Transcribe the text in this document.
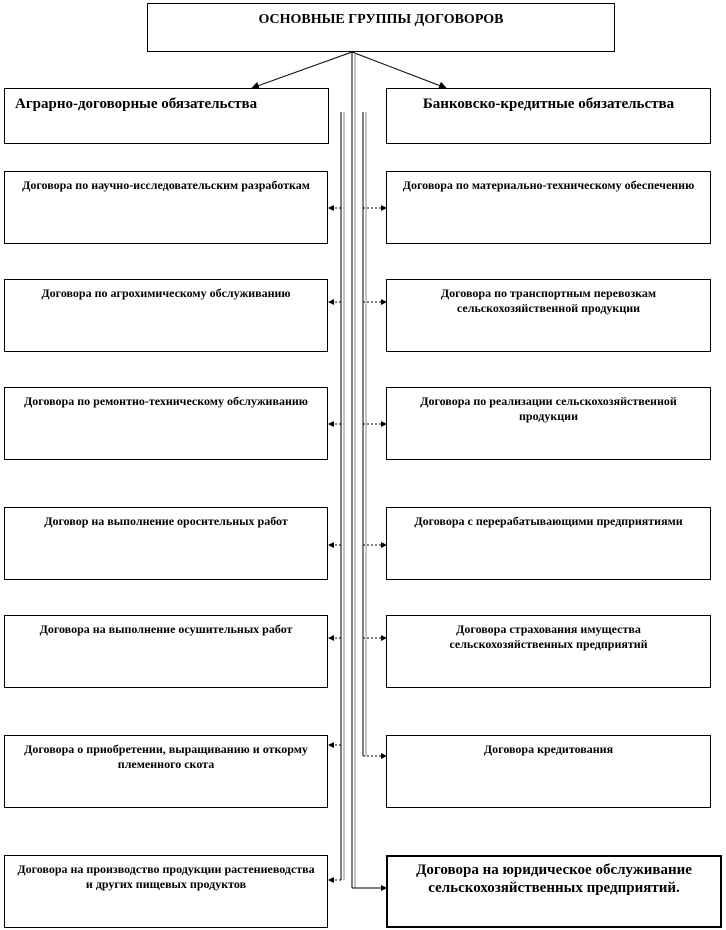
ОСНОВНЫЕ ГРУППЫ ДОГОВОРОВ
Аграрно-договорные обязательства	Банковско-кредитные обязательства
Договора по научно-исследовательским разработкам
Договора по агрохимическому обслуживанию
Договора по ремонтно-техническому обслуживанию
Договор на выполнение оросительных работ
Договора на выполнение осушительных работ
Договора о приобретении, выращиванию и откорму племенного скота
Договора на производство продукции растениеводства и других пищевых продуктов
Договора по материально-техническому обеспечению
Договора по транспортным перевозкам сельскохозяйственной продукции
Договора по реализации сельскохозяйственной продукции
Договора с перерабатывающими предприятиями
Договора страхования имущества сельскохозяйственных предприятий
Договора кредитования
Договора на юридическое обслуживание сельскохозяйственных предприятий.
